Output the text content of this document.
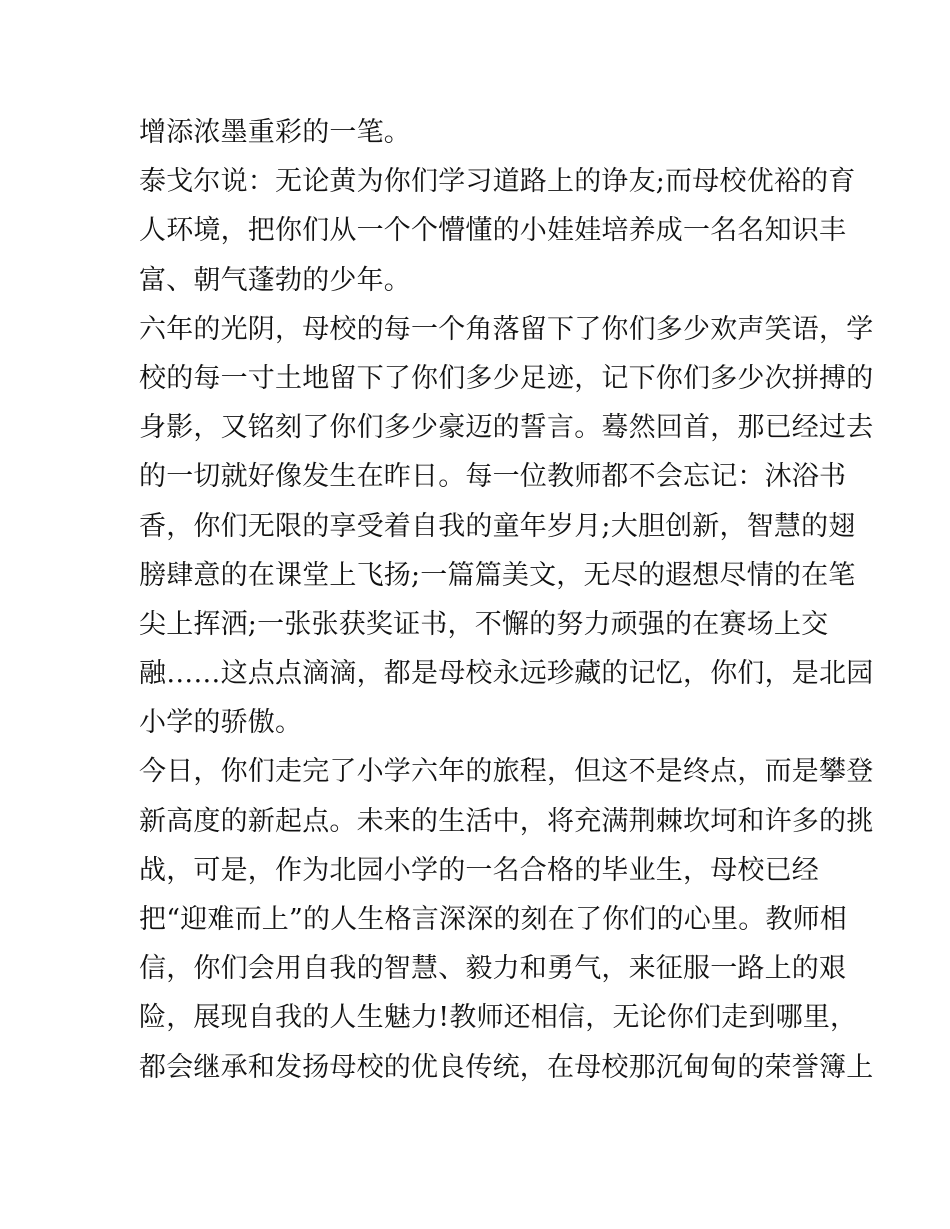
增添浓墨重彩的一笔。
泰戈尔说：无论黄为你们学习道路上的诤友;而母校优裕的育
人环境，把你们从一个个懵懂的小娃娃培养成一名名知识丰
富、朝气蓬勃的少年。
六年的光阴，母校的每一个角落留下了你们多少欢声笑语，学
校的每一寸土地留下了你们多少足迹，记下你们多少次拼搏的
身影，又铭刻了你们多少豪迈的誓言。蓦然回首，那已经过去
的一切就好像发生在昨日。每一位教师都不会忘记：沐浴书
香，你们无限的享受着自我的童年岁月;大胆创新，智慧的翅
膀肆意的在课堂上飞扬;一篇篇美文，无尽的遐想尽情的在笔
尖上挥洒;一张张获奖证书，不懈的努力顽强的在赛场上交
融……这点点滴滴，都是母校永远珍藏的记忆，你们，是北园
小学的骄傲。
今日，你们走完了小学六年的旅程，但这不是终点，而是攀登
新高度的新起点。未来的生活中，将充满荆棘坎坷和许多的挑
战，可是，作为北园小学的一名合格的毕业生，母校已经
把“迎难而上”的人生格言深深的刻在了你们的心里。教师相
信，你们会用自我的智慧、毅力和勇气，来征服一路上的艰
险，展现自我的人生魅力!教师还相信，无论你们走到哪里，
都会继承和发扬母校的优良传统，在母校那沉甸甸的荣誉簿上
